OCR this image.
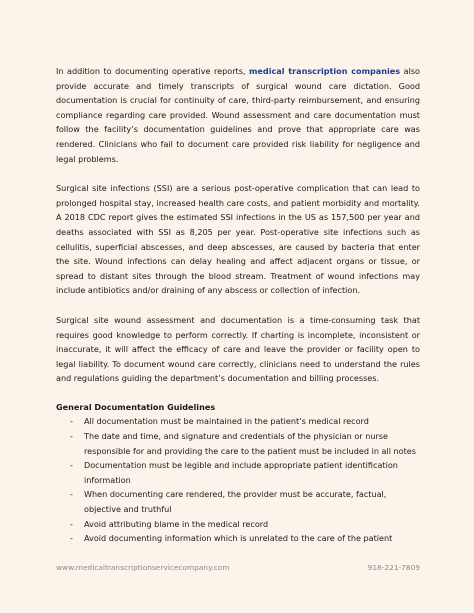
In addition to documenting operative reports, medical transcription companies also provide accurate and timely transcripts of surgical wound care dictation. Good documentation is crucial for continuity of care, third-party reimbursement, and ensuring compliance regarding care provided. Wound assessment and care documentation must follow the facility’s documentation guidelines and prove that appropriate care was rendered. Clinicians who fail to document care provided risk liability for negligence and legal problems.

Surgical site infections (SSI) are a serious post-operative complication that can lead to prolonged hospital stay, increased health care costs, and patient morbidity and mortality. A 2018 CDC report gives the estimated SSI infections in the US as 157,500 per year and deaths associated with SSI as 8,205 per year. Post-operative site infections such as cellulitis, superficial abscesses, and deep abscesses, are caused by bacteria that enter the site. Wound infections can delay healing and affect adjacent organs or tissue, or spread to distant sites through the blood stream. Treatment of wound infections may include antibiotics and/or draining of any abscess or collection of infection.

Surgical site wound assessment and documentation is a time-consuming task that requires good knowledge to perform correctly. If charting is incomplete, inconsistent or inaccurate, it will affect the efficacy of care and leave the provider or facility open to legal liability. To document wound care correctly, clinicians need to understand the rules and regulations guiding the department’s documentation and billing processes.

General Documentation Guidelines
- All documentation must be maintained in the patient’s medical record
- The date and time, and signature and credentials of the physician or nurse responsible for and providing the care to the patient must be included in all notes
- Documentation must be legible and include appropriate patient identification information
- When documenting care rendered, the provider must be accurate, factual, objective and truthful
- Avoid attributing blame in the medical record
- Avoid documenting information which is unrelated to the care of the patient
www.medicaltranscriptionservicecompany.com	918-221-7809
